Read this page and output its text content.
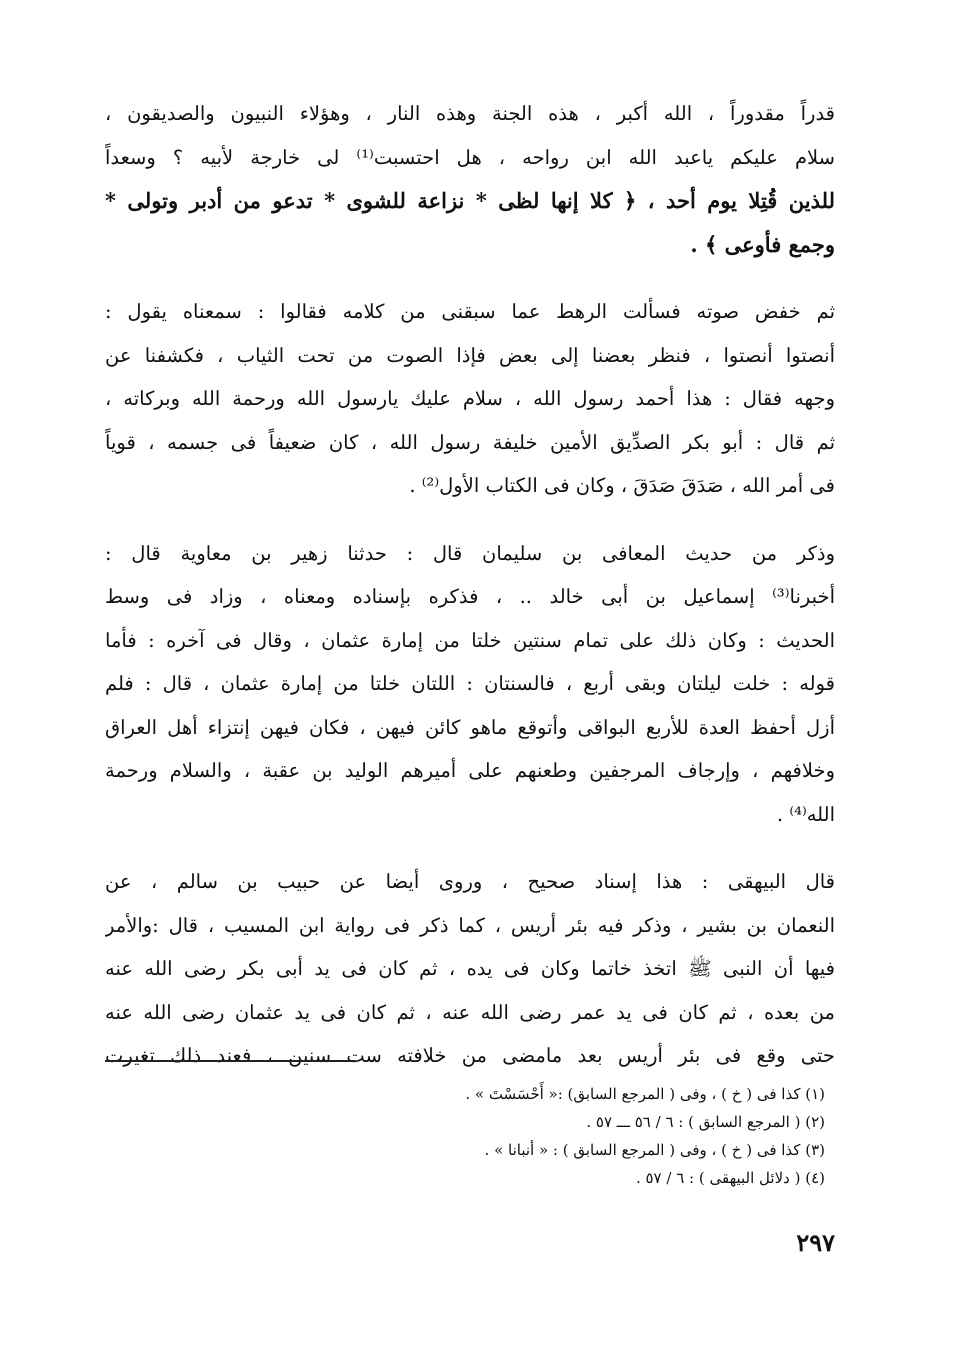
قدراً مقدوراً ، الله أكبر ، هذه الجنة وهذه النار ، وهؤلاء النبيون والصديقون ،
سلام عليكم ياعبد الله ابن رواحه ، هل احتسبت⁽¹⁾ لى خارجة لأبيه ؟ وسعداً
للذين قُتِلا يوم أحد ، ﴿ كلا إنها لظى * نزاعة للشوى * تدعو من أدبر وتولى *
وجمع فأوعى ﴾ .
ثم خفض صوته فسألت الرهط عما سبقنى من كلامه فقالوا : سمعناه يقول :
أنصتوا أنصتوا ، فنظر بعضنا إلى بعض فإذا الصوت من تحت الثياب ، فكشفنا عن
وجهه فقال : هذا أحمد رسول الله ، سلام عليك يارسول الله ورحمة الله وبركاته ،
ثم قال : أبو بكر الصدِّيق الأمين خليفة رسول الله ، كان ضعيفاً فى جسمه ، قوياً
فى أمر الله ، صَدَقَ صَدَقَ ، وكان فى الكتاب الأول⁽²⁾ .
وذكر من حديث المعافى بن سليمان قال : حدثنا زهير بن معاوية قال :
أخبرنا⁽³⁾ إسماعيل بن أبى خالد .. ، فذكره بإسناده ومعناه ، وزاد فى وسط
الحديث : وكان ذلك على تمام سنتين خلتا من إمارة عثمان ، وقال فى آخره : فأما
قوله : خلت ليلتان وبقى أربع ، فالسنتان : اللتان خلتا من إمارة عثمان ، قال : فلم
أزل أحفظ العدة للأربع البواقى وأتوقع ماهو كائن فيهن ، فكان فيهن إنتزاء أهل العراق
وخلافهم ، وإرجاف المرجفين وطعنهم على أميرهم الوليد بن عقبة ، والسلام ورحمة
الله⁽⁴⁾ .
قال البيهقى : هذا إسناد صحيح ، وروى أيضا عن حبيب بن سالم ، عن
النعمان بن بشير ، وذكر فيه بئر أريس ، كما ذكر فى رواية ابن المسيب ، قال :والأمر
فيها أن النبى ﷺ اتخذ خاتما وكان فى يده ، ثم كان فى يد أبى بكر رضى الله عنه
من بعده ، ثم كان فى يد عمر رضى الله عنه ، ثم كان فى يد عثمان رضى الله عنه
حتى وقع فى بئر أريس بعد مامضى من خلافته ست سنين ، فعند ذلك تغيرت
(١) كذا فى ( خ ) ، وفى ( المرجع السابق) :« أَحْسَسْتَ » .
(٢) ( المرجع السابق ) : ٦ / ٥٦ ـــ ٥٧ .
(٣) كذا فى ( خ ) ، وفى ( المرجع السابق ) : « أنبانا » .
(٤) ( دلائل البيهقى ) : ٦ / ٥٧ .
٢٩٧
